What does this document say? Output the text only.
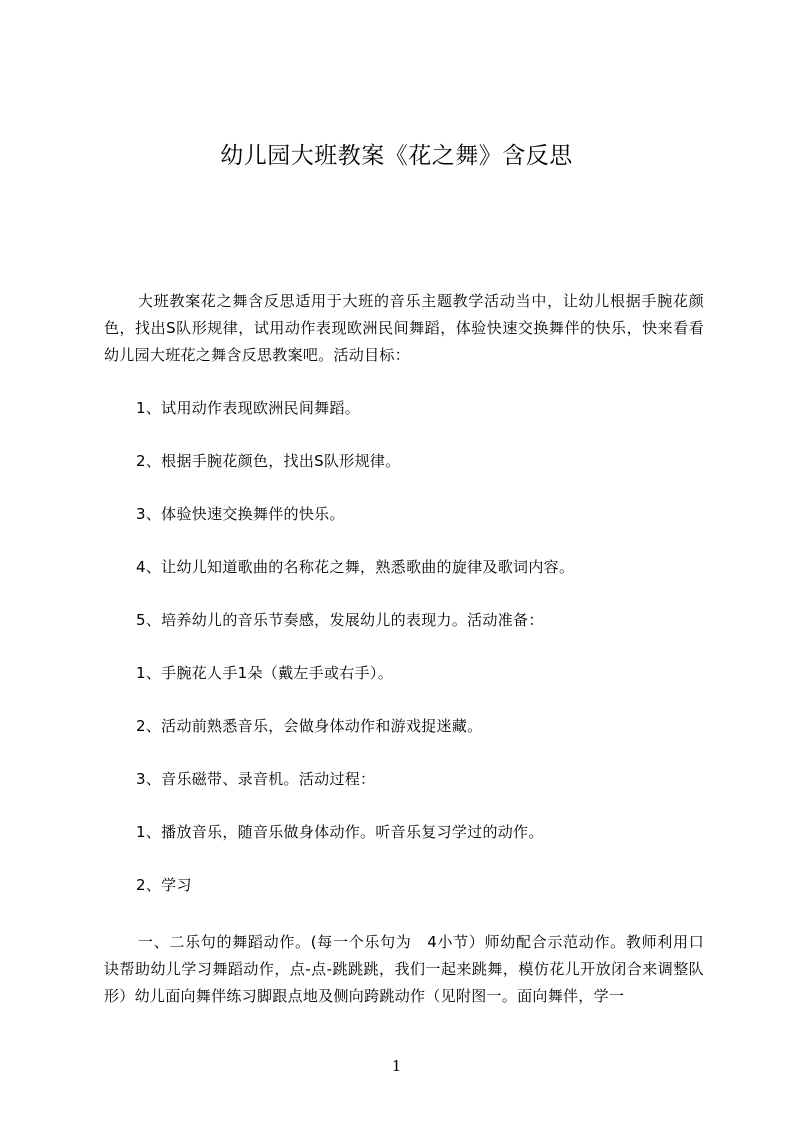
幼儿园大班教案《花之舞》含反思
大班教案花之舞含反思适用于大班的音乐主题教学活动当中，让幼儿根据手腕花颜色，找出S队形规律，试用动作表现欧洲民间舞蹈，体验快速交换舞伴的快乐，快来看看幼儿园大班花之舞含反思教案吧。活动目标：
1、试用动作表现欧洲民间舞蹈。
2、根据手腕花颜色，找出S队形规律。
3、体验快速交换舞伴的快乐。
4、让幼儿知道歌曲的名称花之舞，熟悉歌曲的旋律及歌词内容。
5、培养幼儿的音乐节奏感，发展幼儿的表现力。活动准备：
1、手腕花人手1朵（戴左手或右手）。
2、活动前熟悉音乐，会做身体动作和游戏捉迷藏。
3、音乐磁带、录音机。活动过程：
1、播放音乐，随音乐做身体动作。听音乐复习学过的动作。
2、学习
一、二乐句的舞蹈动作。(每一个乐句为　4小节）师幼配合示范动作。教师利用口诀帮助幼儿学习舞蹈动作，点-点-跳跳跳，我们一起来跳舞，模仿花儿开放闭合来调整队形）幼儿面向舞伴练习脚跟点地及侧向跨跳动作（见附图一。面向舞伴，学一
1
